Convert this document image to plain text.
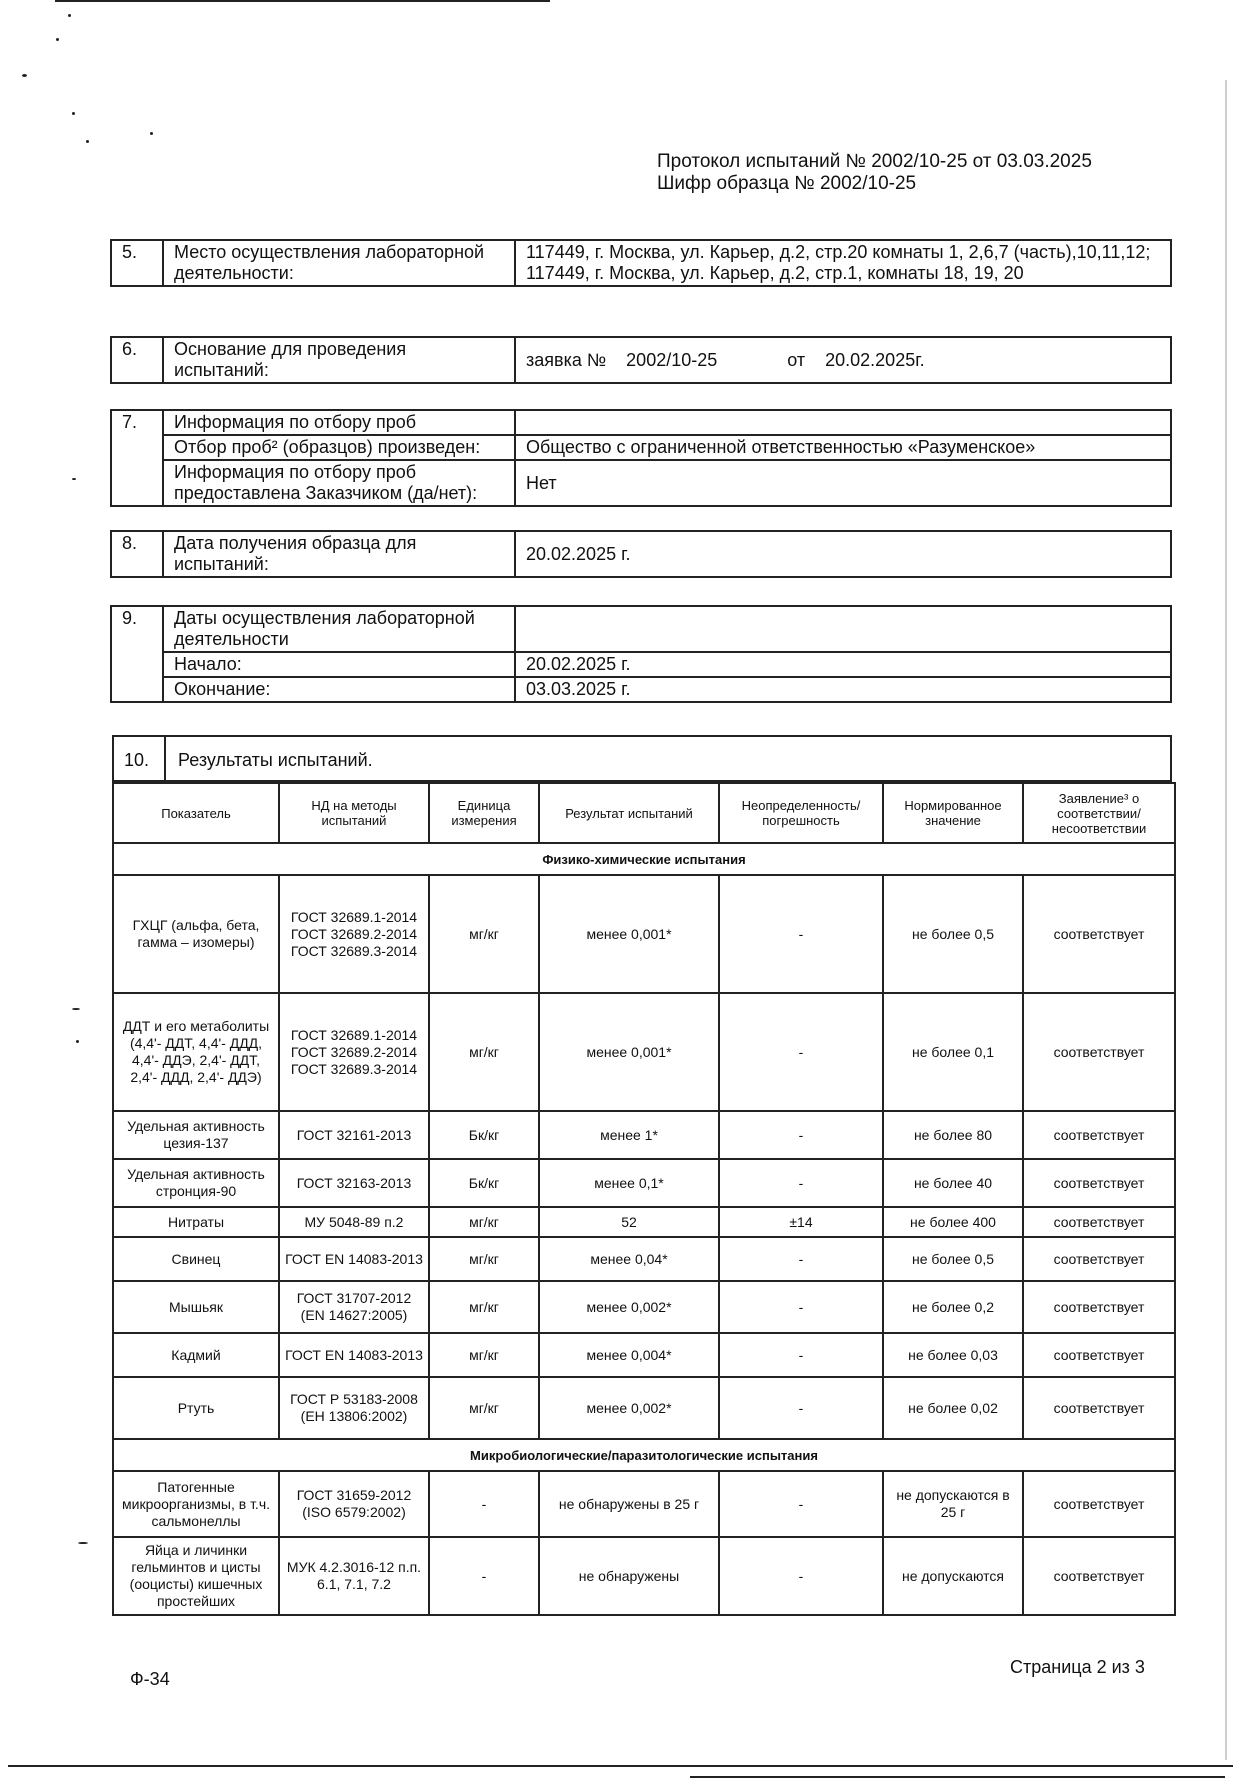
Протокол испытаний № 2002/10-25 от 03.03.2025
Шифр образца № 2002/10-25
5.	Место осуществления лабораторной деятельности:	117449, г. Москва, ул. Карьер, д.2, стр.20 комнаты 1, 2,6,7 (часть),10,11,12; 117449, г. Москва, ул. Карьер, д.2, стр.1, комнаты 18, 19, 20
6.	Основание для проведения испытаний:	заявка №    2002/10-25              от    20.02.2025г.
7.	Информация по отбору проб	
	Отбор проб² (образцов) произведен:	Общество с ограниченной ответственностью «Разуменское»
	Информация по отбору проб предоставлена Заказчиком (да/нет):	Нет
8.	Дата получения образца для испытаний:	20.02.2025 г.
9.	Даты осуществления лабораторной деятельности	
	Начало:	20.02.2025 г.
	Окончание:	03.03.2025 г.
10.	Результаты испытаний.
Показатель	НД на методы испытаний	Единица измерения	Результат испытаний	Неопределенность/ погрешность	Нормированное значение	Заявление³ о соответствии/ несоответствии
Физико-химические испытания						
ГХЦГ (альфа, бета, гамма – изомеры)	ГОСТ 32689.1-2014 ГОСТ 32689.2-2014 ГОСТ 32689.3-2014	мг/кг	менее 0,001*	-	не более 0,5	соответствует
ДДТ и его метаболиты (4,4'- ДДТ, 4,4'- ДДД, 4,4'- ДДЭ, 2,4'- ДДТ, 2,4'- ДДД, 2,4'- ДДЭ)	ГОСТ 32689.1-2014 ГОСТ 32689.2-2014 ГОСТ 32689.3-2014	мг/кг	менее 0,001*	-	не более 0,1	соответствует
Удельная активность цезия-137	ГОСТ 32161-2013	Бк/кг	менее 1*	-	не более 80	соответствует
Удельная активность стронция-90	ГОСТ 32163-2013	Бк/кг	менее 0,1*	-	не более 40	соответствует
Нитраты	МУ 5048-89 п.2	мг/кг	52	±14	не более 400	соответствует
Свинец	ГОСТ EN 14083-2013	мг/кг	менее 0,04*	-	не более 0,5	соответствует
Мышьяк	ГОСТ 31707-2012 (EN 14627:2005)	мг/кг	менее 0,002*	-	не более 0,2	соответствует
Кадмий	ГОСТ EN 14083-2013	мг/кг	менее 0,004*	-	не более 0,03	соответствует
Ртуть	ГОСТ Р 53183-2008 (ЕН 13806:2002)	мг/кг	менее 0,002*	-	не более 0,02	соответствует
Микробиологические/паразитологические испытания						
Патогенные микроорганизмы, в т.ч. сальмонеллы	ГОСТ 31659-2012 (ISO 6579:2002)	-	не обнаружены в 25 г	-	не допускаются в 25 г	соответствует
Яйца и личинки гельминтов и цисты (ооцисты) кишечных простейших	МУК 4.2.3016-12 п.п. 6.1, 7.1, 7.2	-	не обнаружены	-	не допускаются	соответствует
Ф-34
Страница 2 из 3
